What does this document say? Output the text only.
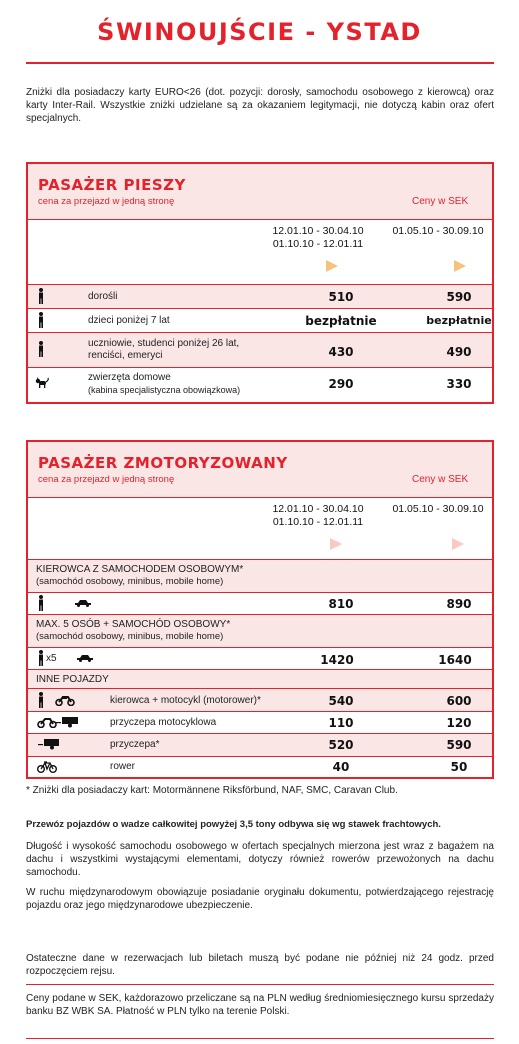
ŚWINOUJŚCIE - YSTAD
Zniżki dla posiadaczy karty EURO<26 (dot. pozycji: dorosły, samochodu osobowego z kierowcą) oraz karty Inter-Rail. Wszystkie zniżki udzielane są za okazaniem legitymacji, nie dotyczą kabin oraz ofert specjalnych.
PASAŻER PIESZY
cena za przejazd w jedną stronę	Ceny w SEK
12.01.10 - 30.04.10
01.10.10 - 12.01.11
01.05.10 - 30.09.10
dorośli	510	590
dzieci poniżej 7 lat	bezpłatnie	bezpłatnie
uczniowie, studenci poniżej 26 lat,
renciści, emeryci	430	490
zwierzęta domowe
(kabina specjalistyczna obowiązkowa)	290	330
PASAŻER ZMOTORYZOWANY
cena za przejazd w jedną stronę	Ceny w SEK
12.01.10 - 30.04.10
01.10.10 - 12.01.11
01.05.10 - 30.09.10
KIEROWCA Z SAMOCHODEM OSOBOWYM*
(samochód osobowy, minibus, mobile home)
810	890
MAX. 5 OSÓB + SAMOCHÓD OSOBOWY*
(samochód osobowy, minibus, mobile home)
x5	1420	1640
INNE POJAZDY
kierowca + motocykl (motorower)*	540	600
przyczepa motocyklowa	110	120
przyczepa*	520	590
rower	40	50
* Zniżki dla posiadaczy kart: Motormännene Riksförbund, NAF, SMC, Caravan Club.
Przewóz pojazdów o wadze całkowitej powyżej 3,5 tony odbywa się wg stawek frachtowych.
Długość i wysokość samochodu osobowego w ofertach specjalnych mierzona jest wraz z bagażem na dachu i wszystkimi wystającymi elementami, dotyczy również rowerów przewożonych na dachu samochodu.
W ruchu międzynarodowym obowiązuje posiadanie oryginału dokumentu, potwierdzającego rejestrację pojazdu oraz jego międzynarodowe ubezpieczenie.
Ostateczne dane w rezerwacjach lub biletach muszą być podane nie później niż 24 godz. przed rozpoczęciem rejsu.
Ceny podane w SEK, każdorazowo przeliczane są na PLN według średniomiesięcznego kursu sprzedaży banku BZ WBK SA. Płatność w PLN tylko na terenie Polski.
